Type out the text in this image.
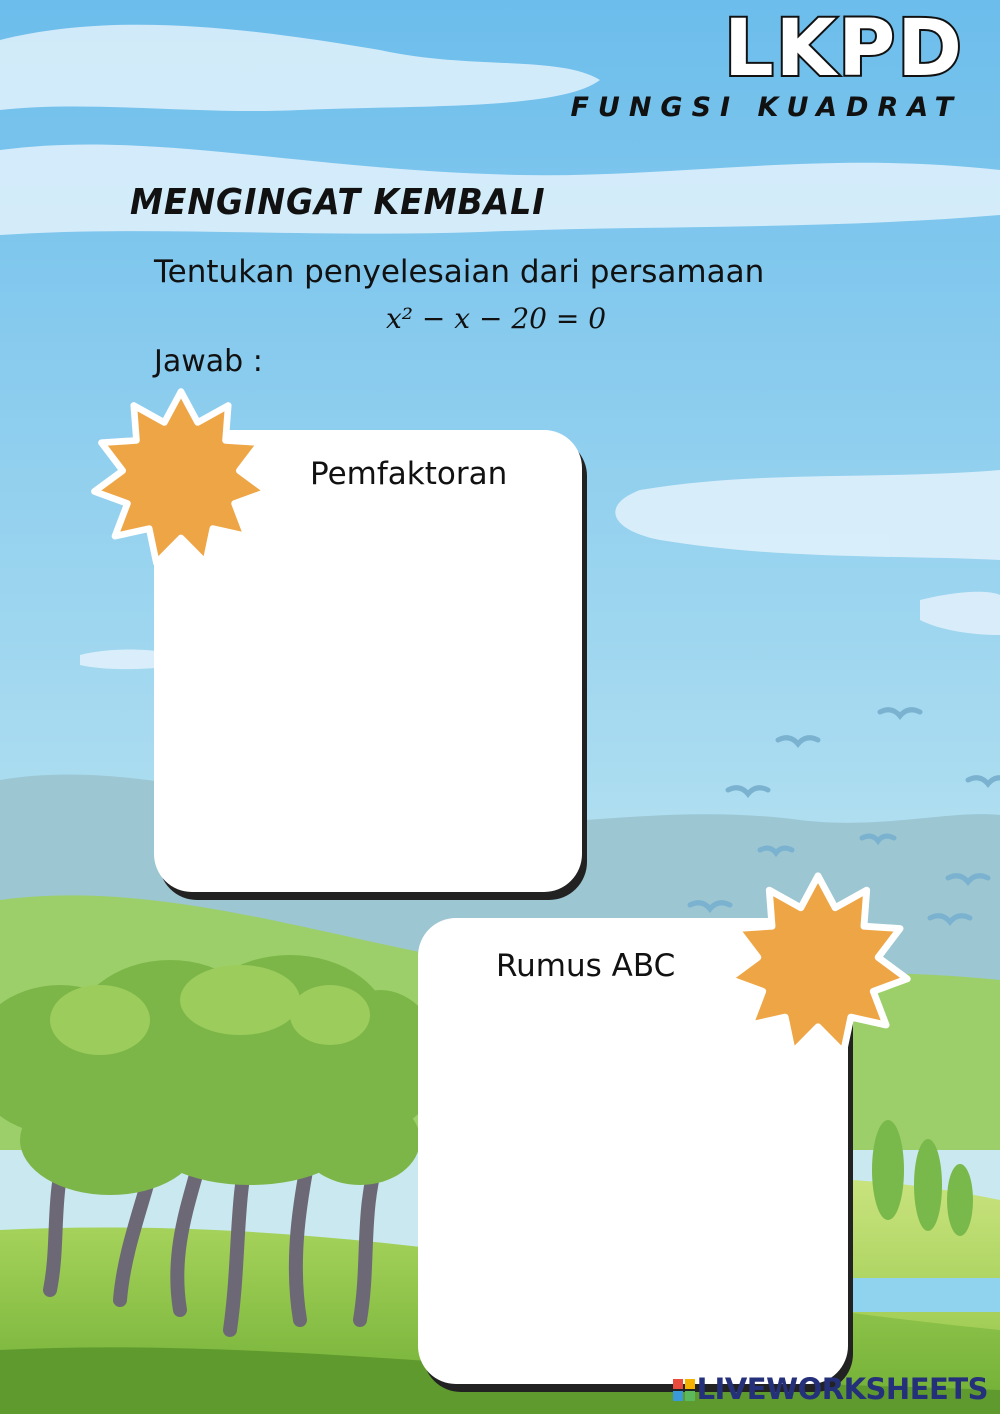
LKPD
FUNGSI KUADRAT
MENGINGAT KEMBALI
Tentukan penyelesaian dari persamaan
x² − x − 20 = 0
Jawab :
Pemfaktoran
Rumus ABC
LIVEWORKSHEETS
